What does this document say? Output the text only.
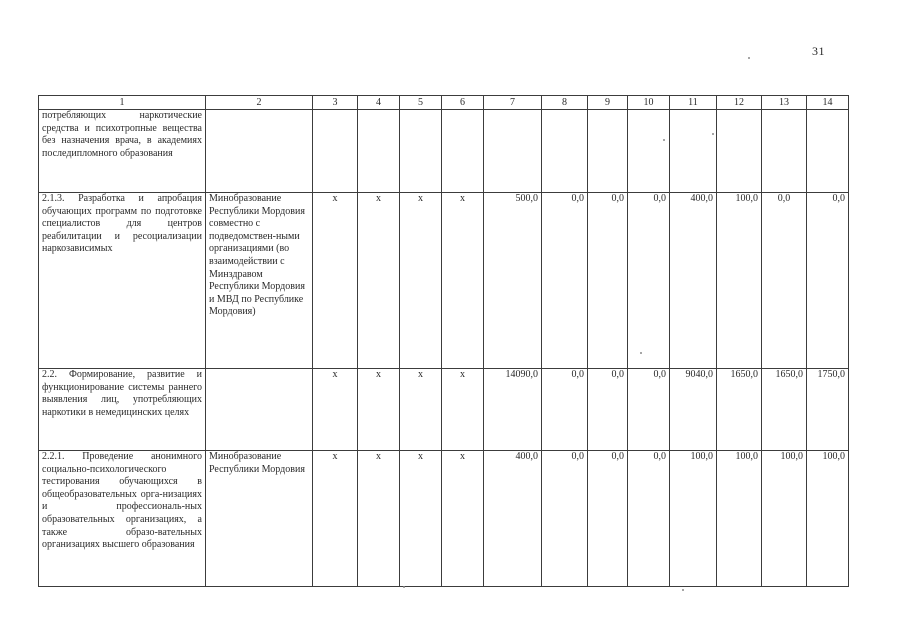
31
1	2	3	4	5	6	7	8	9	10	11	12	13	14
потребляющих наркотические средства и психотропные вещества без назначения врача, в академиях последипломного образования													
2.1.3. Разработка и апробация обучающих программ по подготовке специалистов для центров реабилитации и ресоциализации наркозависимых	Минобразование Республики Мордовия совместно с подведомствен-ными организациями (во взаимодействии с Минздравом Республики Мордовия и МВД по Республике Мордовия)	х	х	х	х	500,0	0,0	0,0	0,0	400,0	100,0	0,0	0,0
2.2. Формирование, развитие и функционирование системы раннего выявления лиц, употребляющих наркотики в немедицинских целях		х	х	х	х	14090,0	0,0	0,0	0,0	9040,0	1650,0	1650,0	1750,0
2.2.1. Проведение анонимного социально-психологического тестирования обучающихся в общеобразовательных орга-низациях и профессиональ-ных образовательных организациях, а также образо-вательных организациях высшего образования	Минобразование Республики Мордовия	х	х	х	х	400,0	0,0	0,0	0,0	100,0	100,0	100,0	100,0
